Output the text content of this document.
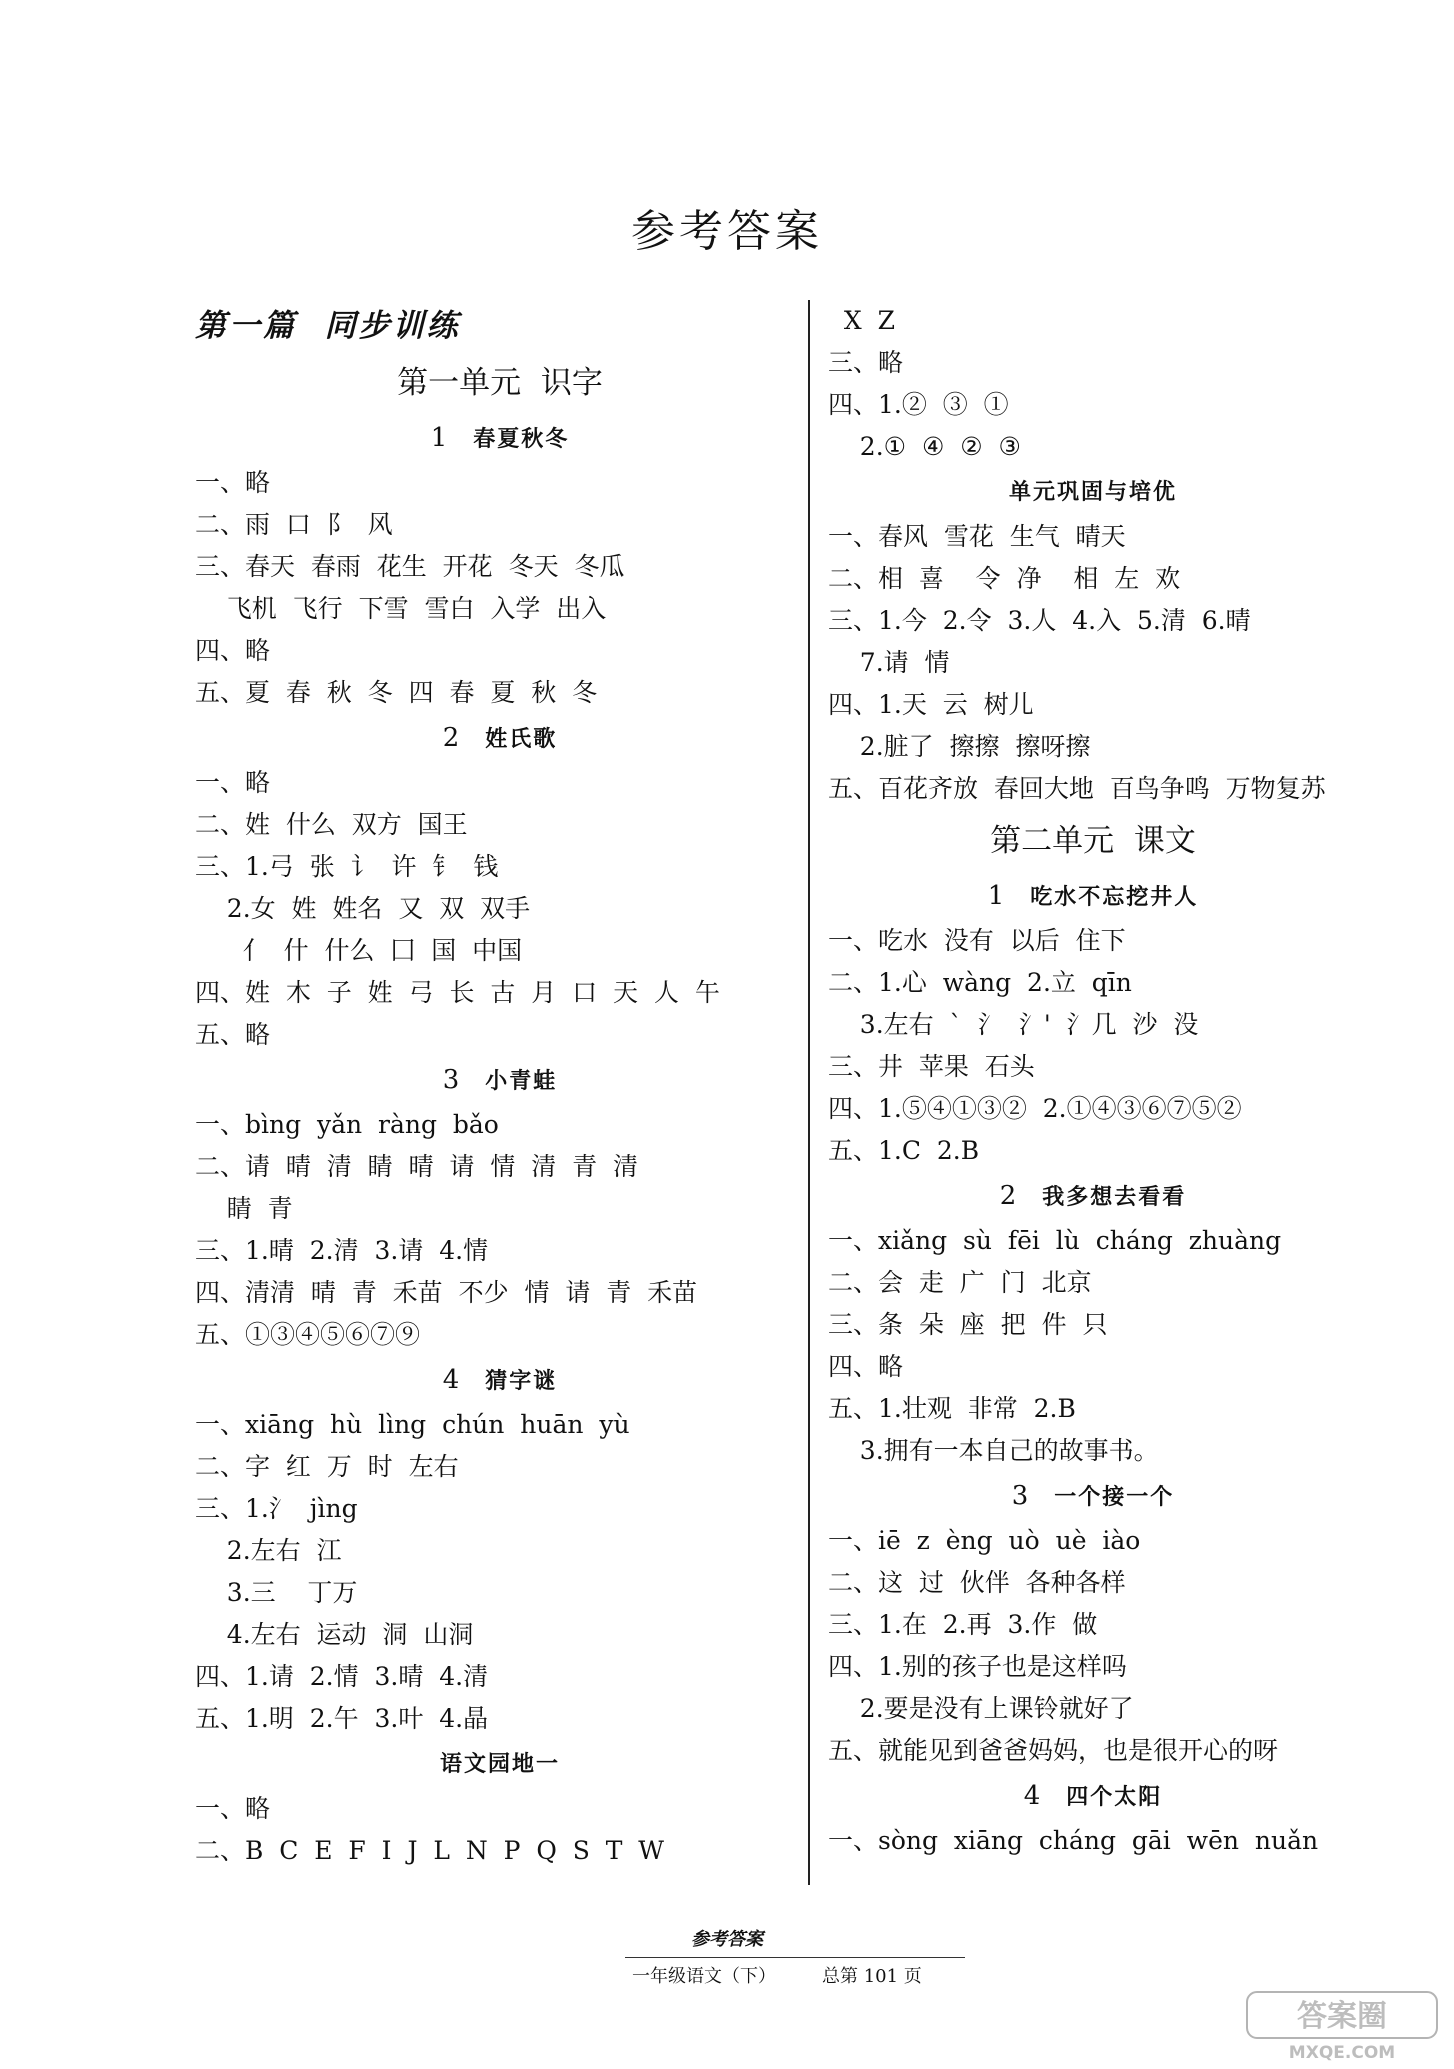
参考答案
第一篇  同步训练
第一单元  识字
1 春夏秋冬
一、略
二、雨  口  阝  风
三、春天  春雨  花生  开花  冬天  冬瓜
飞机  飞行  下雪  雪白  入学  出入
四、略
五、夏  春  秋  冬  四  春  夏  秋  冬
2 姓氏歌
一、略
二、姓  什么  双方  国王
三、1.弓  张  讠  许  钅  钱
2.女  姓  姓名  又  双  双手
亻  什  什么  囗  国  中国
四、姓  木  子  姓  弓  长  古  月  口  天  人  午
五、略
3 小青蛙
一、bìng  yǎn  ràng  bǎo
二、请  晴  清  睛  晴  请  情  清  青  清
睛  青
三、1.晴  2.清  3.请  4.情
四、清清  晴  青  禾苗  不少  情  请  青  禾苗
五、①③④⑤⑥⑦⑨
4 猜字谜
一、xiāng  hù  lìng  chún  huān  yù
二、字  红  万  时  左右
三、1.氵  jìng
2.左右  江
3.三    丁万
4.左右  运动  洞  山洞
四、1.请  2.情  3.晴  4.清
五、1.明  2.午  3.叶  4.晶
语文园地一
一、略
二、B  C  E  F  I  J  L  N  P  Q  S  T  W
X  Z
三、略
四、1.②  ③  ①
2.①  ④  ②  ③
单元巩固与培优
一、春风  雪花  生气  晴天
二、相  喜    令  净    相  左  欢
三、1.今  2.令  3.人  4.入  5.清  6.晴
7.请  情
四、1.天  云  树儿
2.脏了  擦擦  擦呀擦
五、百花齐放  春回大地  百鸟争鸣  万物复苏
第二单元  课文
1 吃水不忘挖井人
一、吃水  没有  以后  住下
二、1.心  wàng  2.立  qīn
3.左右  ˋ  氵  氵'  氵几  沙  没
三、井  苹果  石头
四、1.⑤④①③②  2.①④③⑥⑦⑤②
五、1.C  2.B
2 我多想去看看
一、xiǎng  sù  fēi  lù  cháng  zhuàng
二、会  走  广  门  北京
三、条  朵  座  把  件  只
四、略
五、1.壮观  非常  2.B
3.拥有一本自己的故事书。
3 一个接一个
一、iē  z  èng  uò  uè  iào
二、这  过  伙伴  各种各样
三、1.在  2.再  3.作  做
四、1.别的孩子也是这样吗
2.要是没有上课铃就好了
五、就能见到爸爸妈妈，也是很开心的呀
4 四个太阳
一、sòng  xiāng  cháng  gāi  wēn  nuǎn
参考答案
一年级语文（下）	总第 101 页
答案圈
MXQE.COM
